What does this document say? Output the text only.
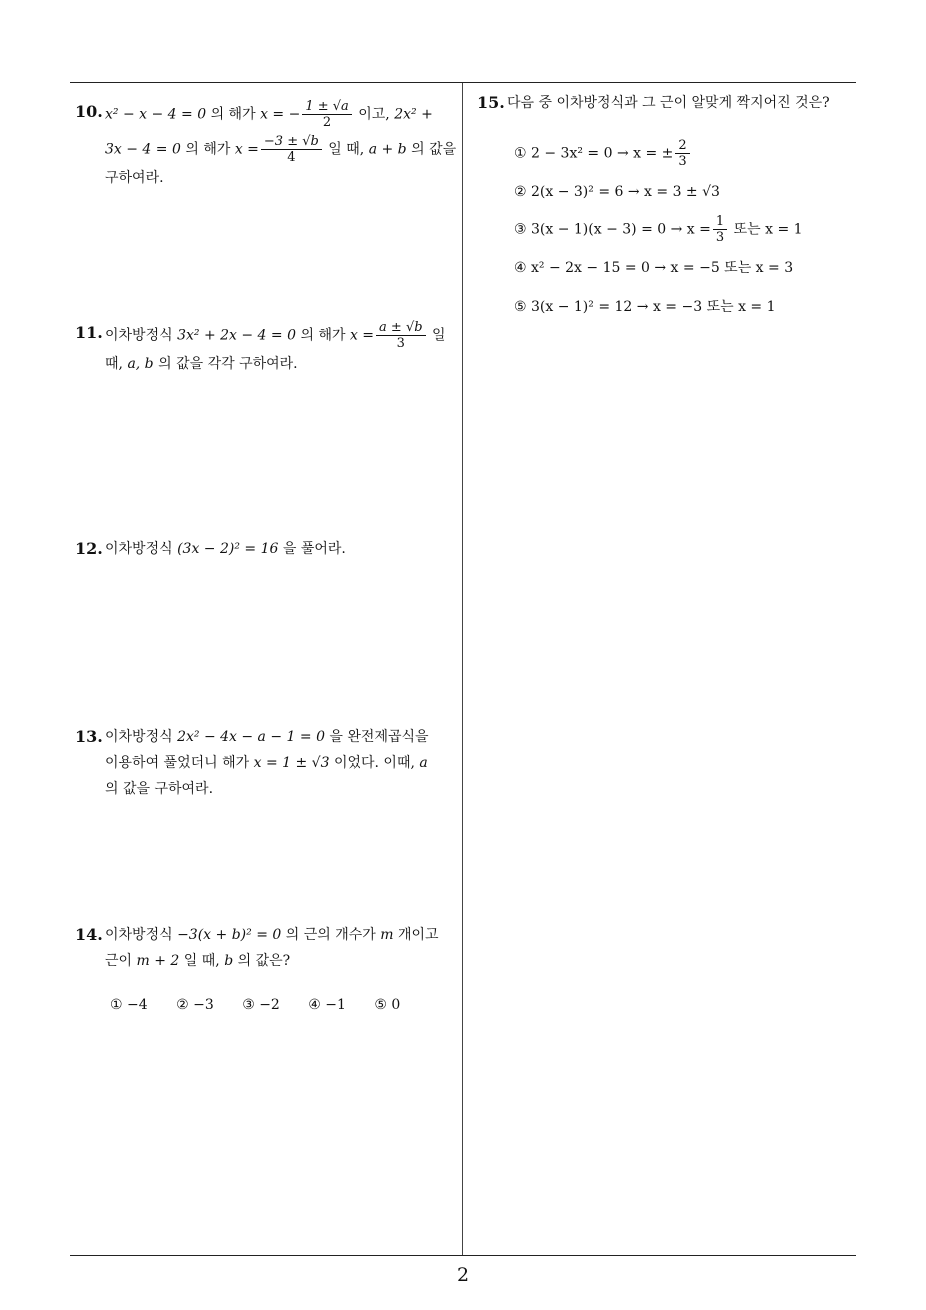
10. x² − x − 4 = 0 의 해가 x = − $\frac{1 \pm √a}{2}$ 이고, 2x² +
3x − 4 = 0 의 해가 $x = \frac{-3 \pm √b}{4}$ 일 때, a + b 의 값을
구하여라.
11. 이차방정식 3x² + 2x − 4 = 0 의 해가 $x = \frac{a \pm √b}{3}$ 일
때, a, b 의 값을 각각 구하여라.
12. 이차방정식 (3x − 2)² = 16 을 풀어라.
13. 이차방정식 2x² − 4x − a − 1 = 0 을 완전제곱식을
이용하여 풀었더니 해가 x = 1 ± √3 이었다. 이때, a
의 값을 구하여라.
14. 이차방정식 −3(x + b)² = 0 의 근의 개수가 m 개이고
근이 m + 2 일 때, b 의 값은?
① −4 ② −3 ③ −2 ④ −1 ⑤ 0
15. 다음 중 이차방정식과 그 근이 알맞게 짝지어진 것은?
① 2 − 3x² = 0 → x = ± $\frac{2}{3}$
② 2(x − 3)² = 6 → x = 3 ± √3
③ $3(x - 1)(x - 3) = 0 \to x = \frac{1}{3}$ 또는 x = 1
④ x² − 2x − 15 = 0 → x = −5 또는 x = 3
⑤ 3(x − 1)² = 12 → x = −3 또는 x = 1
2
